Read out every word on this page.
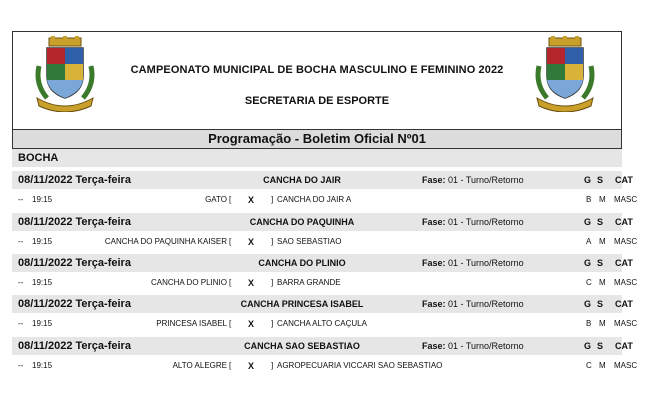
CAMPEONATO MUNICIPAL DE BOCHA MASCULINO E FEMININO 2022
SECRETARIA DE ESPORTE
Programação - Boletim Oficial Nº01
BOCHA
08/11/2022 Terça-feira	CANCHA DO JAIR	Fase: 01 - Turno/Retorno	G S CAT
-- 19:15	GATO [ X ] CANCHA DO JAIR A	B M MASC
08/11/2022 Terça-feira	CANCHA DO PAQUINHA	Fase: 01 - Turno/Retorno	G S CAT
-- 19:15	CANCHA DO PAQUINHA KAISER [ X ] SAO SEBASTIAO	A M MASC
08/11/2022 Terça-feira	CANCHA DO PLINIO	Fase: 01 - Turno/Retorno	G S CAT
-- 19:15	CANCHA DO PLINIO [ X ] BARRA GRANDE	C M MASC
08/11/2022 Terça-feira	CANCHA PRINCESA ISABEL	Fase: 01 - Turno/Retorno	G S CAT
-- 19:15	PRINCESA ISABEL [ X ] CANCHA ALTO CAÇULA	B M MASC
08/11/2022 Terça-feira	CANCHA SAO SEBASTIAO	Fase: 01 - Turno/Retorno	G S CAT
-- 19:15	ALTO ALEGRE [ X ] AGROPECUARIA VICCARI SAO SEBASTIAO	C M MASC
